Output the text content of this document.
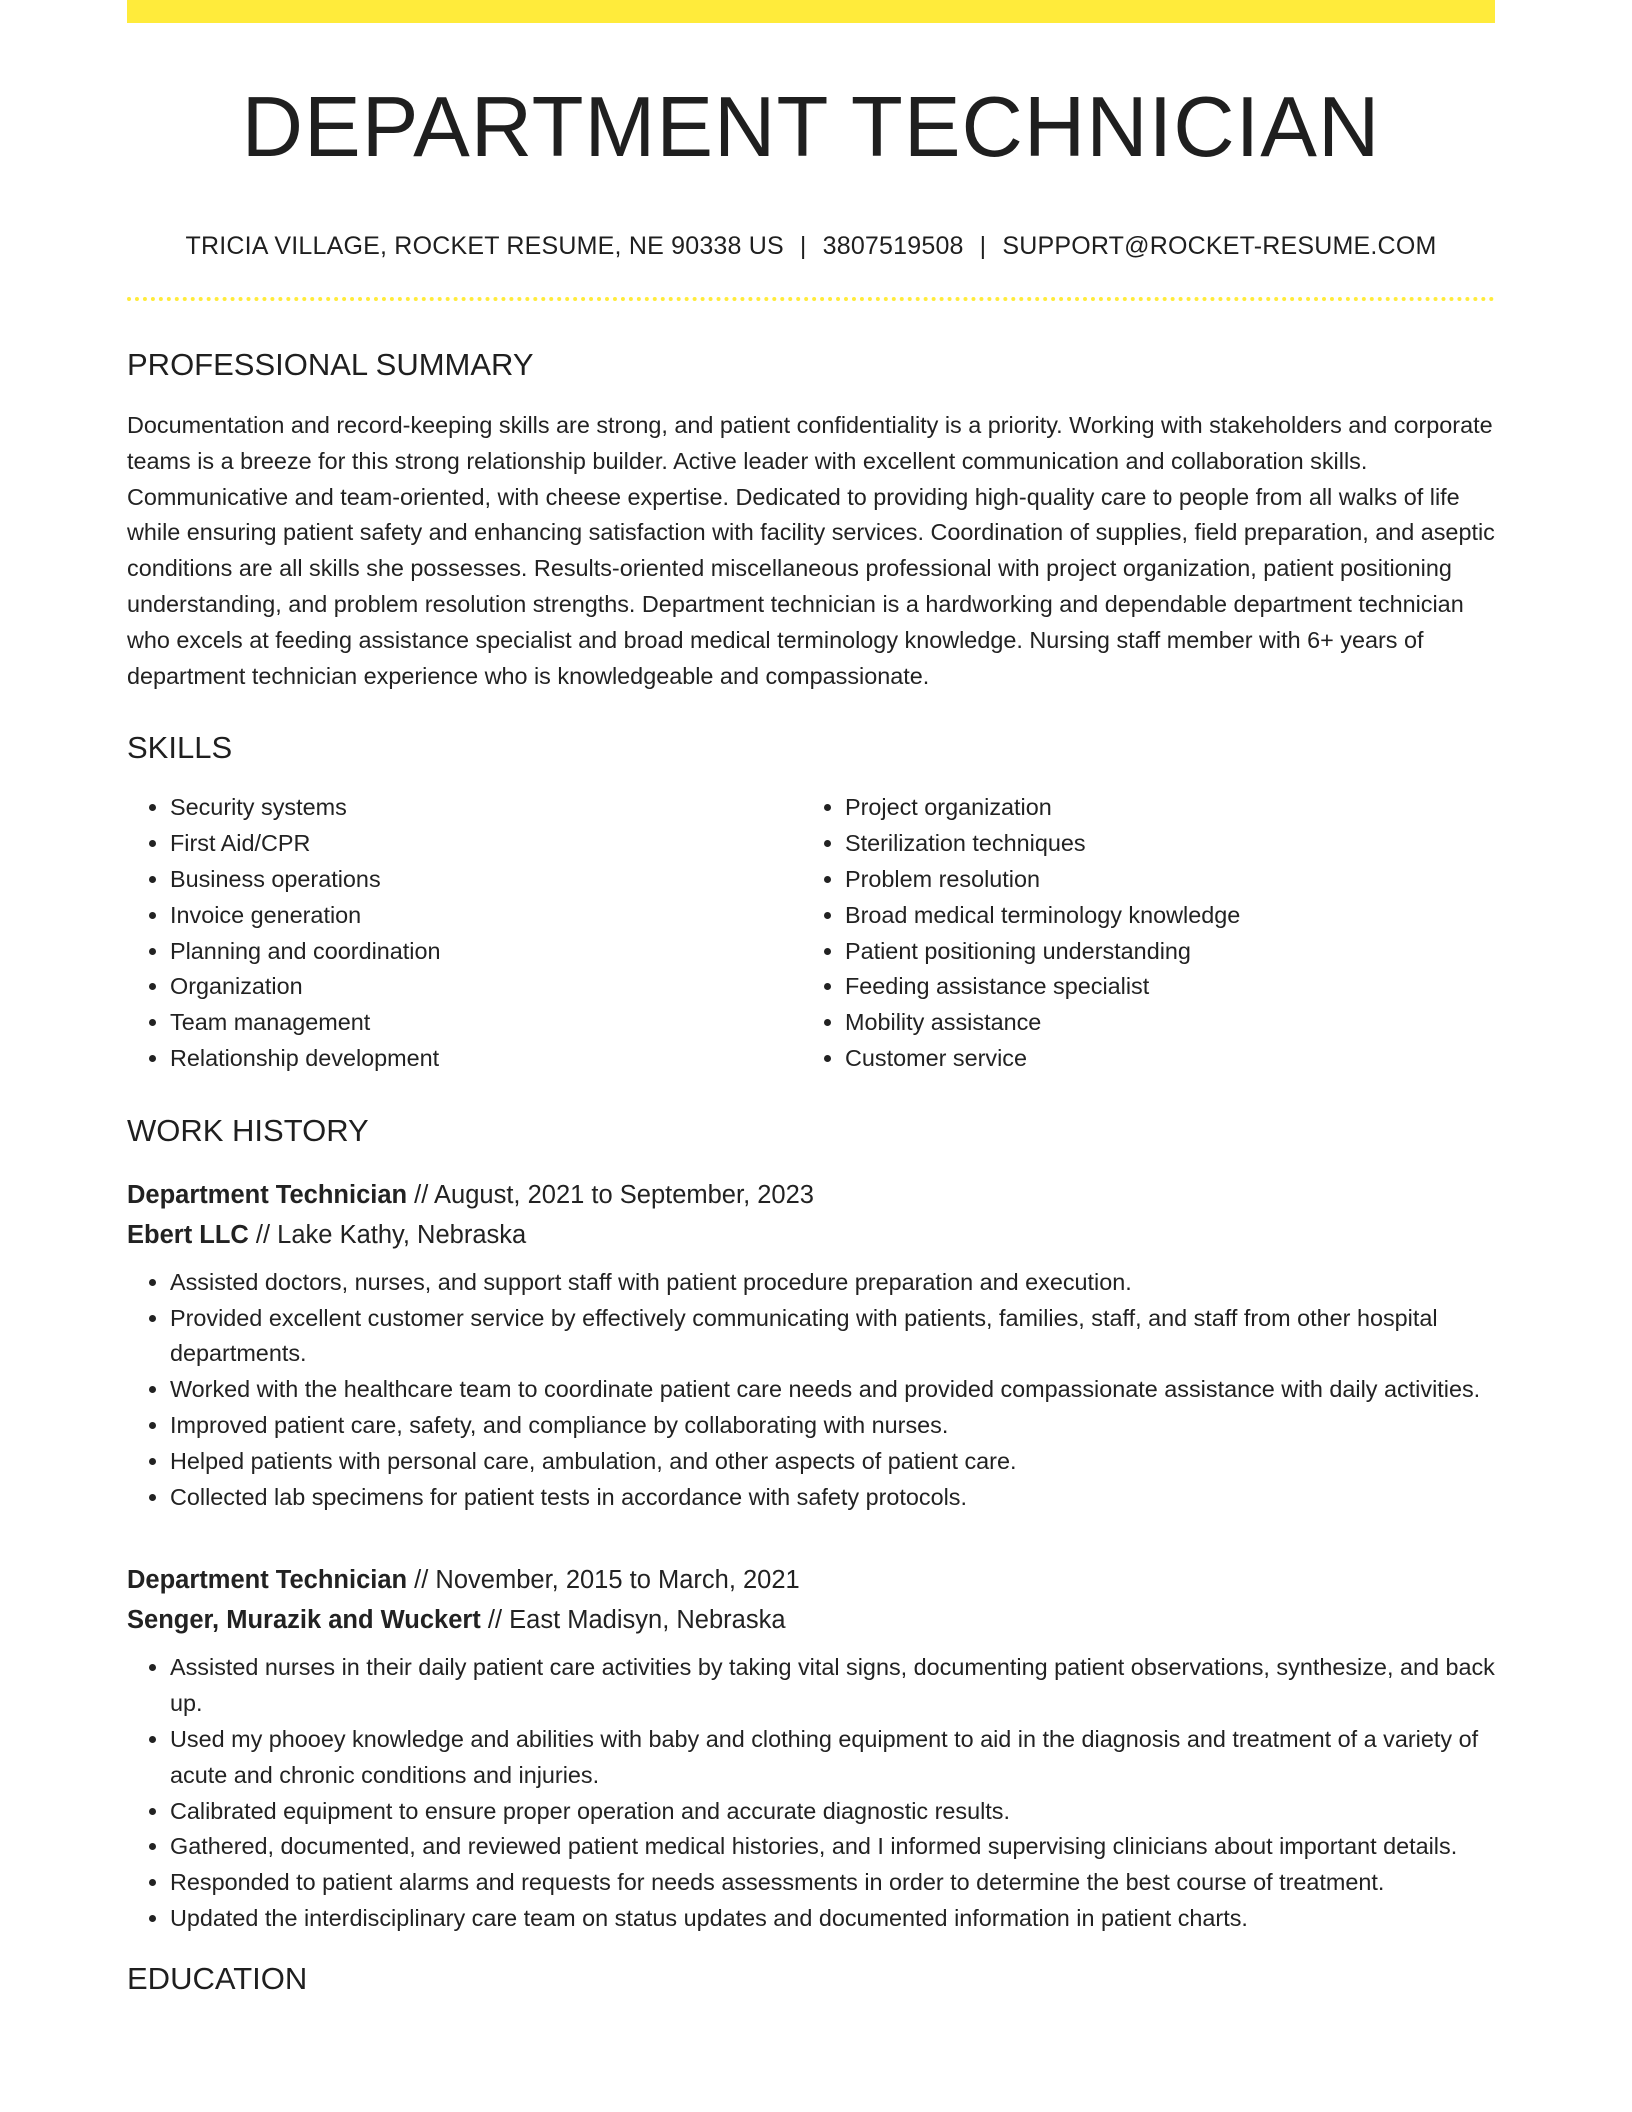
DEPARTMENT TECHNICIAN
TRICIA VILLAGE, ROCKET RESUME, NE 90338 US | 3807519508 | SUPPORT@ROCKET-RESUME.COM
PROFESSIONAL SUMMARY

Documentation and record-keeping skills are strong, and patient confidentiality is a priority. Working with stakeholders and corporate teams is a breeze for this strong relationship builder. Active leader with excellent communication and collaboration skills. Communicative and team-oriented, with cheese expertise. Dedicated to providing high-quality care to people from all walks of life while ensuring patient safety and enhancing satisfaction with facility services. Coordination of supplies, field preparation, and aseptic conditions are all skills she possesses. Results-oriented miscellaneous professional with project organization, patient positioning understanding, and problem resolution strengths. Department technician is a hardworking and dependable department technician who excels at feeding assistance specialist and broad medical terminology knowledge. Nursing staff member with 6+ years of department technician experience who is knowledgeable and compassionate.

SKILLS
• Security systems
• First Aid/CPR
• Business operations
• Invoice generation
• Planning and coordination
• Organization
• Team management
• Relationship development
• Project organization
• Sterilization techniques
• Problem resolution
• Broad medical terminology knowledge
• Patient positioning understanding
• Feeding assistance specialist
• Mobility assistance
• Customer service
WORK HISTORY
Department Technician // August, 2021 to September, 2023
Ebert LLC // Lake Kathy, Nebraska
• Assisted doctors, nurses, and support staff with patient procedure preparation and execution.
• Provided excellent customer service by effectively communicating with patients, families, staff, and staff from other hospital departments.
• Worked with the healthcare team to coordinate patient care needs and provided compassionate assistance with daily activities.
• Improved patient care, safety, and compliance by collaborating with nurses.
• Helped patients with personal care, ambulation, and other aspects of patient care.
• Collected lab specimens for patient tests in accordance with safety protocols.
Department Technician // November, 2015 to March, 2021
Senger, Murazik and Wuckert // East Madisyn, Nebraska
• Assisted nurses in their daily patient care activities by taking vital signs, documenting patient observations, synthesize, and back up.
• Used my phooey knowledge and abilities with baby and clothing equipment to aid in the diagnosis and treatment of a variety of acute and chronic conditions and injuries.
• Calibrated equipment to ensure proper operation and accurate diagnostic results.
• Gathered, documented, and reviewed patient medical histories, and I informed supervising clinicians about important details.
• Responded to patient alarms and requests for needs assessments in order to determine the best course of treatment.
• Updated the interdisciplinary care team on status updates and documented information in patient charts.
EDUCATION
